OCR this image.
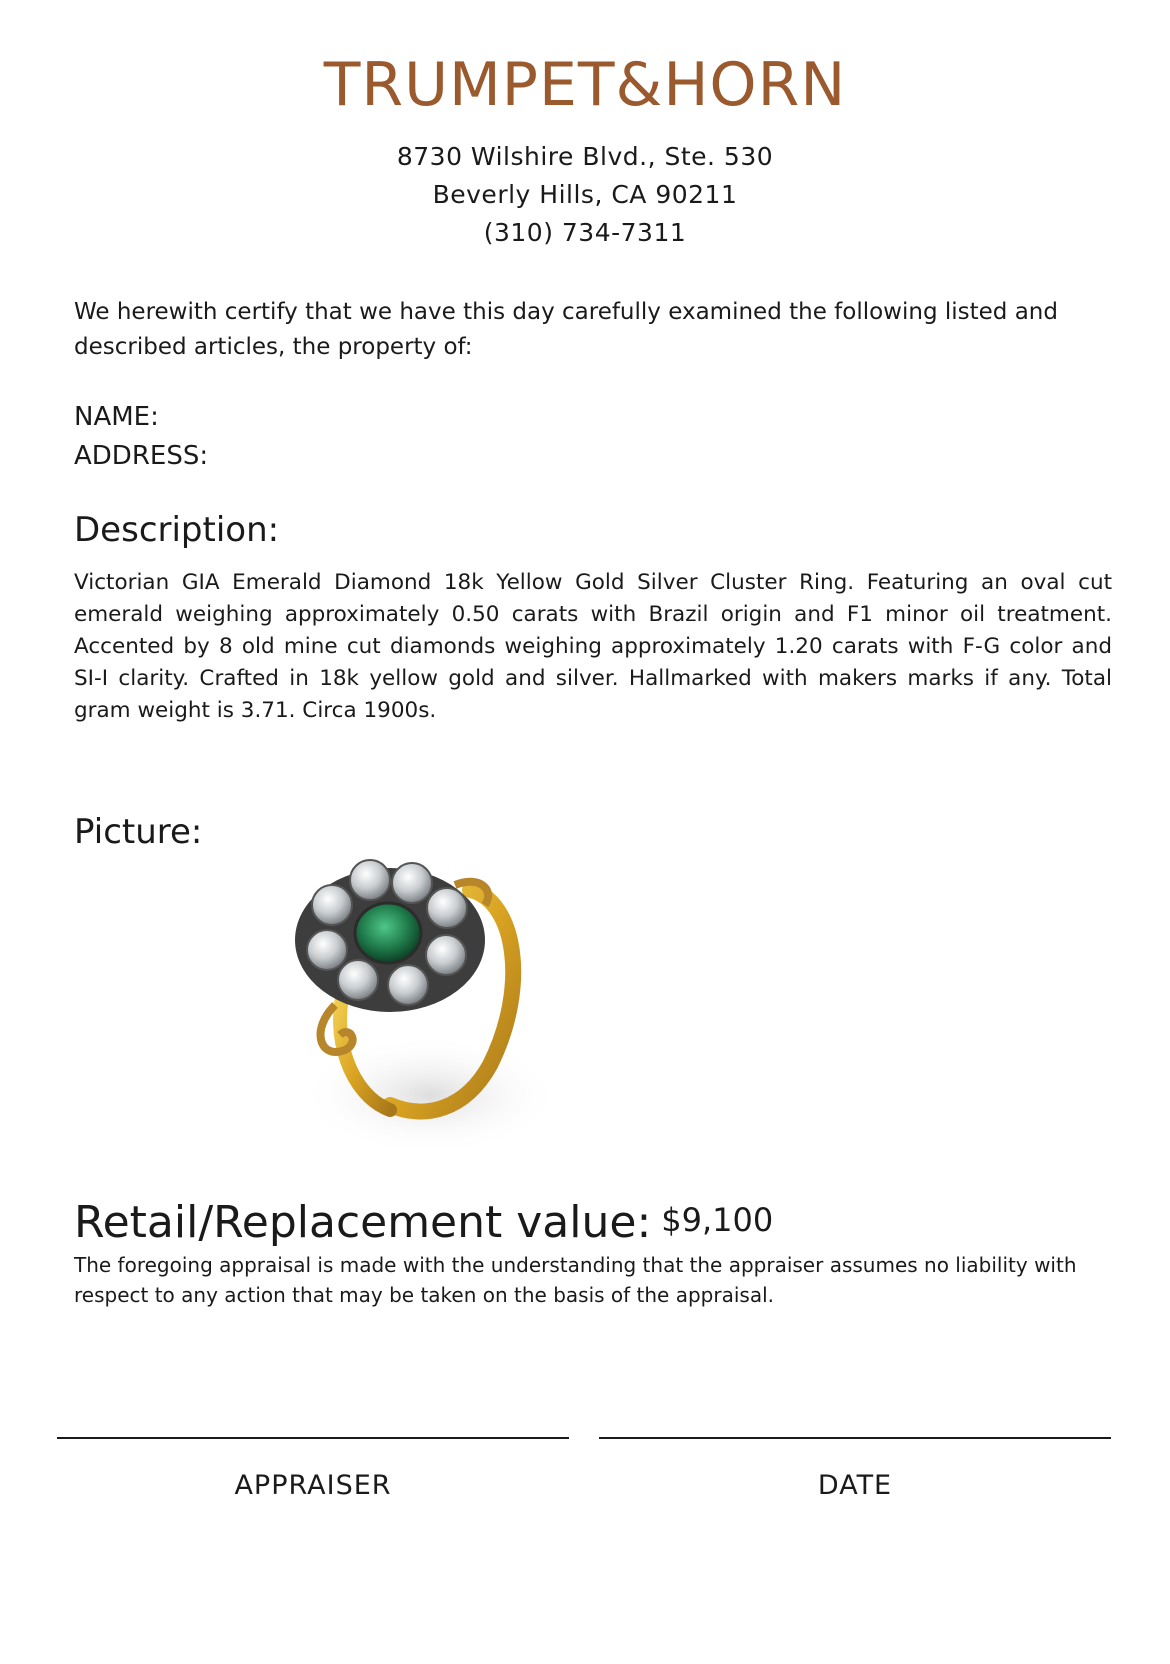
TRUMPET&HORN
8730 Wilshire Blvd., Ste. 530
Beverly Hills, CA 90211
(310) 734-7311
We herewith certify that we have this day carefully examined the following listed and described articles, the property of:
NAME:
ADDRESS:
Description:
Victorian GIA Emerald Diamond 18k Yellow Gold Silver Cluster Ring. Featuring an oval cut emerald weighing approximately 0.50 carats with Brazil origin and F1 minor oil treatment. Accented by 8 old mine cut diamonds weighing approximately 1.20 carats with F-G color and SI-I clarity. Crafted in 18k yellow gold and silver. Hallmarked with makers marks if any. Total gram weight is 3.71. Circa 1900s.
Picture:
Retail/Replacement value: $9,100
The foregoing appraisal is made with the understanding that the appraiser assumes no liability with respect to any action that may be taken on the basis of the appraisal.
APPRAISER	DATE
